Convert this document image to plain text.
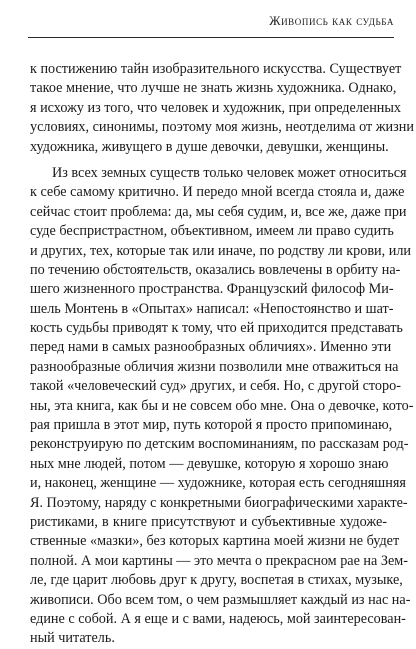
Живопись как судьба
к постижению тайн изобразительного искусства. Существует
такое мнение, что лучше не знать жизнь художника. Однако,
я исхожу из того, что человек и художник, при определенных
условиях, синонимы, поэтому моя жизнь, неотделима от жизни
художника, живущего в душе девочки, девушки, женщины.
Из всех земных существ только человек может относиться
к себе самому критично. И передо мной всегда стояла и, даже
сейчас стоит проблема: да, мы себя судим, и, все же, даже при
суде беспристрастном, объективном, имеем ли право судить
и других, тех, которые так или иначе, по родству ли крови, или
по течению обстоятельств, оказались вовлечены в орбиту на-
шего жизненного пространства. Французский философ Ми-
шель Монтень в «Опытах» написал: «Непостоянство и шат-
кость судьбы приводят к тому, что ей приходится представать
перед нами в самых разнообразных обличиях». Именно эти
разнообразные обличия жизни позволили мне отважиться на
такой «человеческий суд» других, и себя. Но, с другой сторо-
ны, эта книга, как бы и не совсем обо мне. Она о девочке, кото-
рая пришла в этот мир, путь которой я просто припоминаю,
реконструирую по детским воспоминаниям, по рассказам род-
ных мне людей, потом — девушке, которую я хорошо знаю
и, наконец, женщине — художнике, которая есть сегодняшняя
Я. Поэтому, наряду с конкретными биографическими характе-
ристиками, в книге присутствуют и субъективные художе-
ственные «мазки», без которых картина моей жизни не будет
полной. А мои картины — это мечта о прекрасном рае на Зем-
ле, где царит любовь друг к другу, воспетая в стихах, музыке,
живописи. Обо всем том, о чем размышляет каждый из нас на-
едине с собой. А я еще и с вами, надеюсь, мой заинтересован-
ный читатель.
